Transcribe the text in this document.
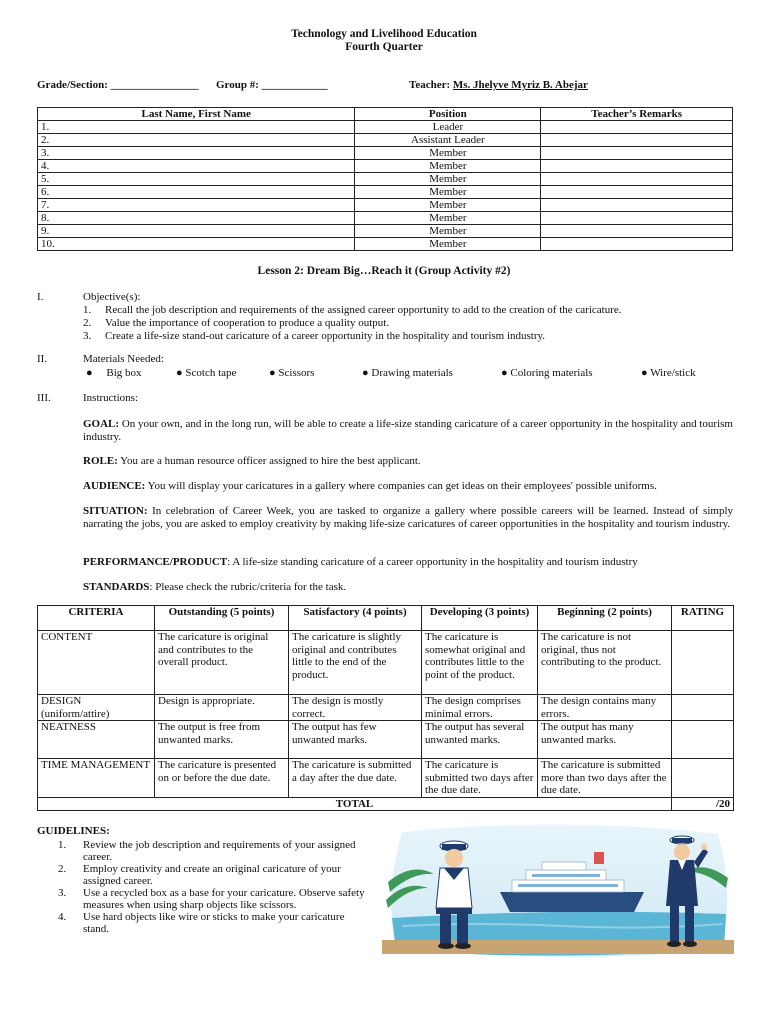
Technology and Livelihood Education
Fourth Quarter
Grade/Section: ________________ Group #: ____________	Teacher: Ms. Jhelyve Myriz B. Abejar
Last Name, First Name	Position	Teacher’s Remarks
1.	Leader	
2.	Assistant Leader	
3.	Member	
4.	Member	
5.	Member	
6.	Member	
7.	Member	
8.	Member	
9.	Member	
10.	Member	
Lesson 2: Dream Big…Reach it (Group Activity #2)
I.	Objective(s):
1. Recall the job description and requirements of the assigned career opportunity to add to the creation of the caricature.
2. Value the importance of cooperation to produce a quality output.
3. Create a life-size stand-out caricature of a career opportunity in the hospitality and tourism industry.
II.	Materials Needed:
● Big box	● Scotch tape	● Scissors	● Drawing materials	● Coloring materials	● Wire/stick
III.	Instructions:
GOAL: On your own, and in the long run, will be able to create a life-size standing caricature of a career opportunity in the hospitality and tourism industry.
ROLE: You are a human resource officer assigned to hire the best applicant.
AUDIENCE: You will display your caricatures in a gallery where companies can get ideas on their employees' possible uniforms.
SITUATION: In celebration of Career Week, you are tasked to organize a gallery where possible careers will be learned. Instead of simply narrating the jobs, you are asked to employ creativity by making life-size caricatures of career opportunities in the hospitality and tourism industry.
PERFORMANCE/PRODUCT: A life-size standing caricature of a career opportunity in the hospitality and tourism industry
STANDARDS: Please check the rubric/criteria for the task.
CRITERIA	Outstanding (5 points)	Satisfactory (4 points)	Developing (3 points)	Beginning (2 points)	RATING
CONTENT	The caricature is original and contributes to the overall product.	The caricature is slightly original and contributes little to the end of the product.	The caricature is somewhat original and contributes little to the point of the product.	The caricature is not original, thus not contributing to the product.	
DESIGN (uniform/attire)	Design is appropriate.	The design is mostly correct.	The design comprises minimal errors.	The design contains many errors.	
NEATNESS	The output is free from unwanted marks.	The output has few unwanted marks.	The output has several unwanted marks.	The output has many unwanted marks.	
TIME MANAGEMENT	The caricature is presented on or before the due date.	The caricature is submitted a day after the due date.	The caricature is submitted two days after the due date.	The caricature is submitted more than two days after the due date.	
TOTAL					/20
GUIDELINES:
1. Review the job description and requirements of your assigned career.
2. Employ creativity and create an original caricature of your assigned career.
3. Use a recycled box as a base for your caricature. Observe safety measures when using sharp objects like scissors.
4. Use hard objects like wire or sticks to make your caricature stand.
